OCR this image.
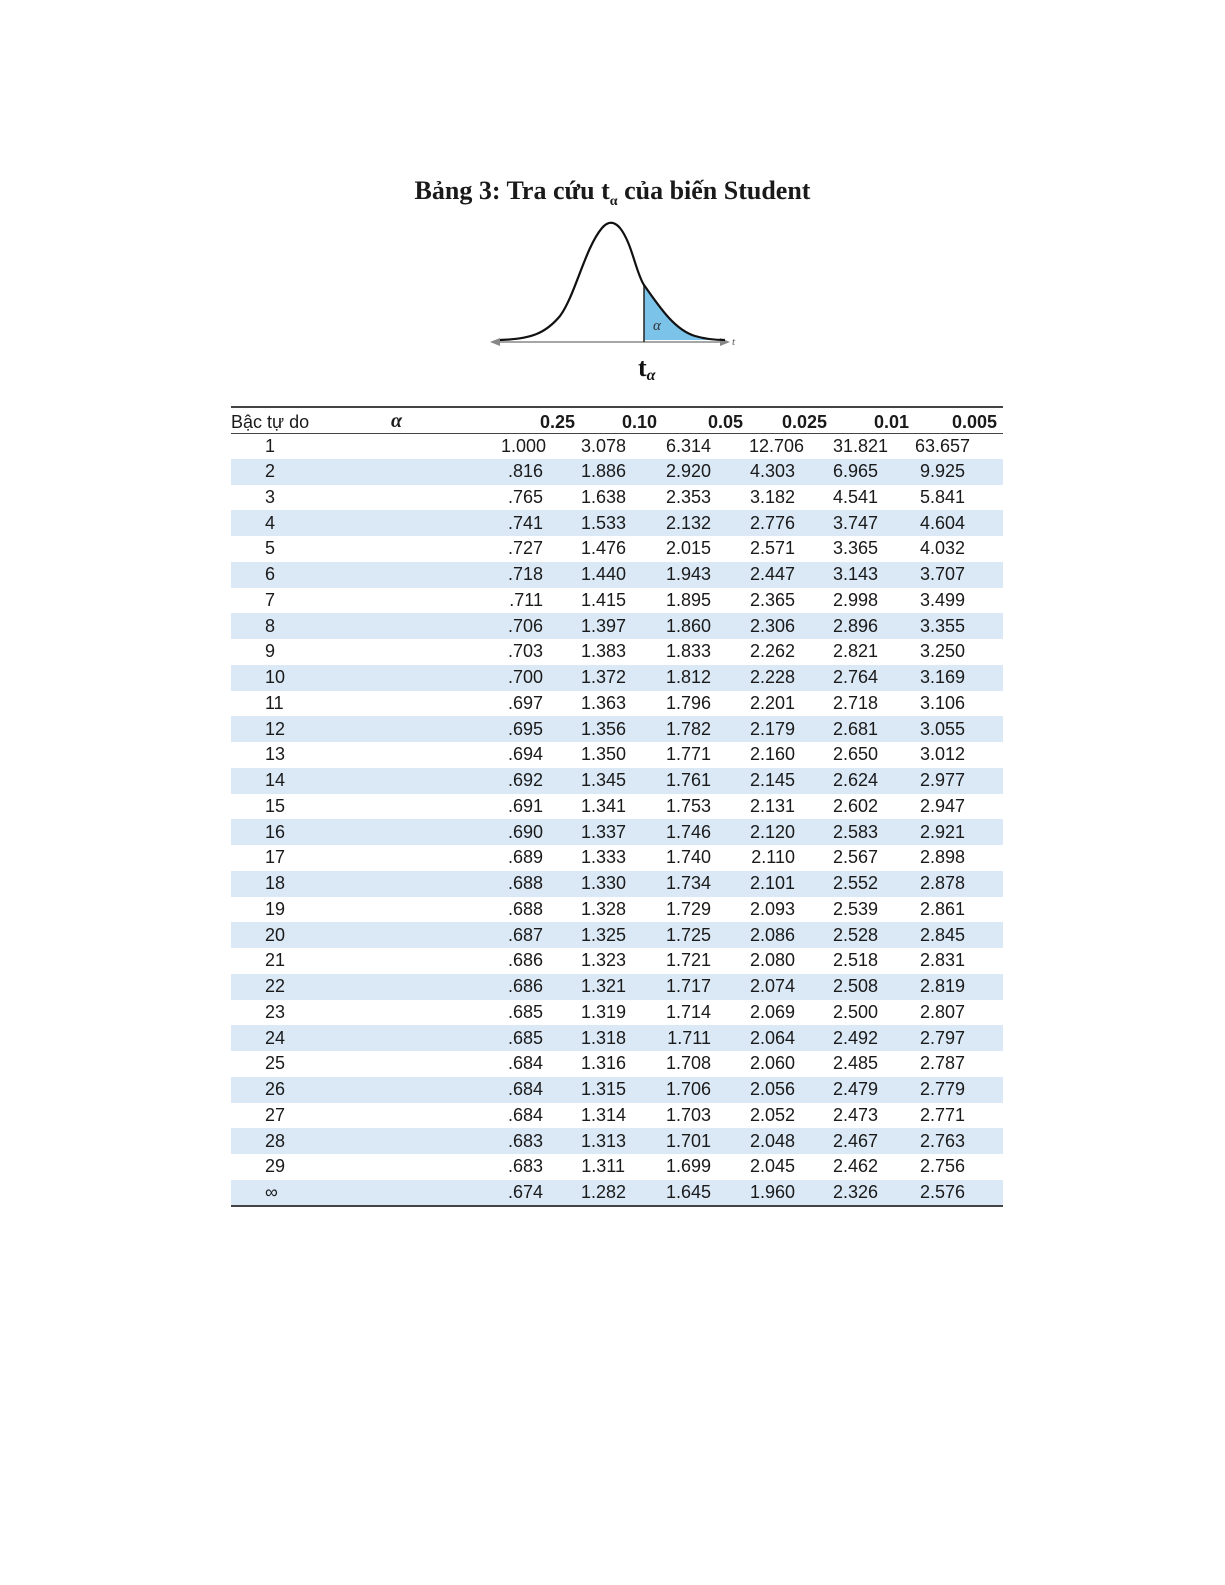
Bảng 3: Tra cứu $t_\alpha$ của biến Student
α
t
tα
Bậc tự do	α	0.25	0.10	0.05	0.025	0.01	0.005
1		1.000	3.078	6.314	12.706	31.821	63.657
2		.816	1.886	2.920	4.303	6.965	9.925
3		.765	1.638	2.353	3.182	4.541	5.841
4		.741	1.533	2.132	2.776	3.747	4.604
5		.727	1.476	2.015	2.571	3.365	4.032
6		.718	1.440	1.943	2.447	3.143	3.707
7		.711	1.415	1.895	2.365	2.998	3.499
8		.706	1.397	1.860	2.306	2.896	3.355
9		.703	1.383	1.833	2.262	2.821	3.250
10		.700	1.372	1.812	2.228	2.764	3.169
11		.697	1.363	1.796	2.201	2.718	3.106
12		.695	1.356	1.782	2.179	2.681	3.055
13		.694	1.350	1.771	2.160	2.650	3.012
14		.692	1.345	1.761	2.145	2.624	2.977
15		.691	1.341	1.753	2.131	2.602	2.947
16		.690	1.337	1.746	2.120	2.583	2.921
17		.689	1.333	1.740	2.110	2.567	2.898
18		.688	1.330	1.734	2.101	2.552	2.878
19		.688	1.328	1.729	2.093	2.539	2.861
20		.687	1.325	1.725	2.086	2.528	2.845
21		.686	1.323	1.721	2.080	2.518	2.831
22		.686	1.321	1.717	2.074	2.508	2.819
23		.685	1.319	1.714	2.069	2.500	2.807
24		.685	1.318	1.711	2.064	2.492	2.797
25		.684	1.316	1.708	2.060	2.485	2.787
26		.684	1.315	1.706	2.056	2.479	2.779
27		.684	1.314	1.703	2.052	2.473	2.771
28		.683	1.313	1.701	2.048	2.467	2.763
29		.683	1.311	1.699	2.045	2.462	2.756
∞		.674	1.282	1.645	1.960	2.326	2.576
